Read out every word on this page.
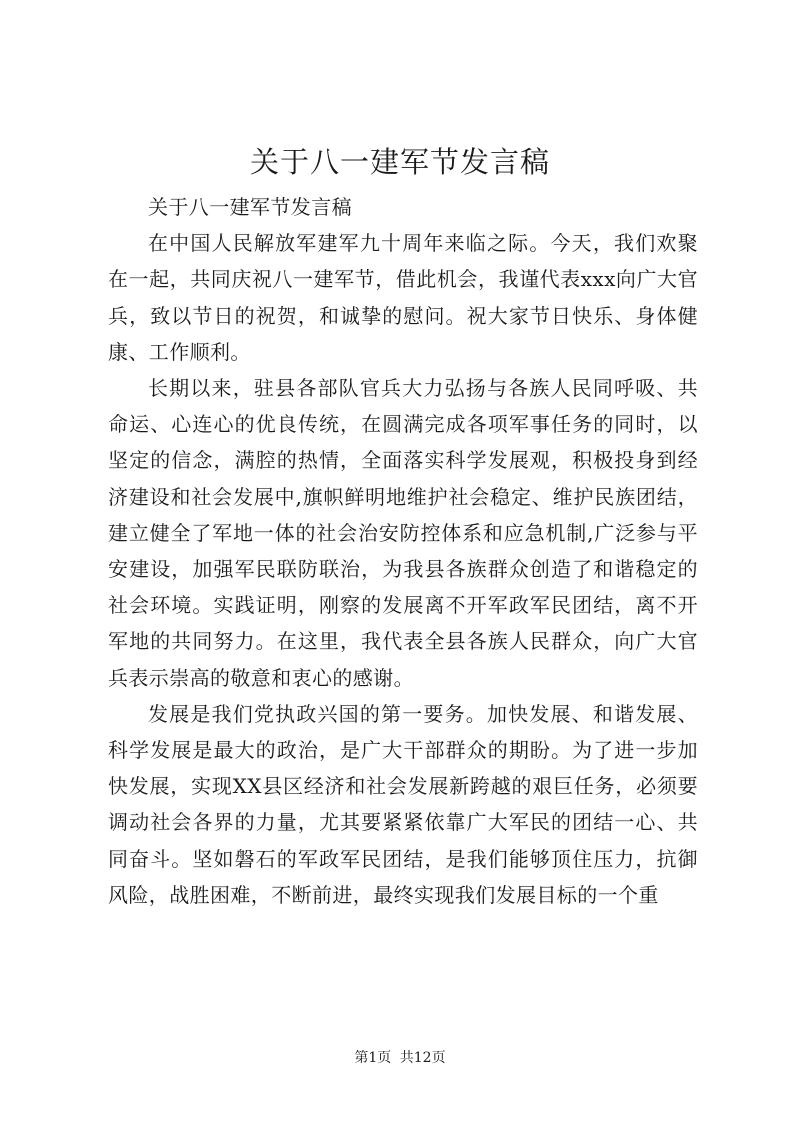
关于八一建军节发言稿

关于八一建军节发言稿

在中国人民解放军建军九十周年来临之际。今天，我们欢聚在一起，共同庆祝八一建军节，借此机会，我谨代表xxx向广大官兵，致以节日的祝贺，和诚挚的慰问。祝大家节日快乐、身体健康、工作顺利。

长期以来，驻县各部队官兵大力弘扬与各族人民同呼吸、共命运、心连心的优良传统，在圆满完成各项军事任务的同时，以坚定的信念，满腔的热情，全面落实科学发展观，积极投身到经济建设和社会发展中,旗帜鲜明地维护社会稳定、维护民族团结，建立健全了军地一体的社会治安防控体系和应急机制,广泛参与平安建设，加强军民联防联治，为我县各族群众创造了和谐稳定的社会环境。实践证明，刚察的发展离不开军政军民团结，离不开军地的共同努力。在这里，我代表全县各族人民群众，向广大官兵表示崇高的敬意和衷心的感谢。

发展是我们党执政兴国的第一要务。加快发展、和谐发展、科学发展是最大的政治，是广大干部群众的期盼。为了进一步加快发展，实现XX县区经济和社会发展新跨越的艰巨任务，必须要调动社会各界的力量，尤其要紧紧依靠广大军民的团结一心、共同奋斗。坚如磐石的军政军民团结，是我们能够顶住压力，抗御风险，战胜困难，不断前进，最终实现我们发展目标的一个重

第1页 共12页
